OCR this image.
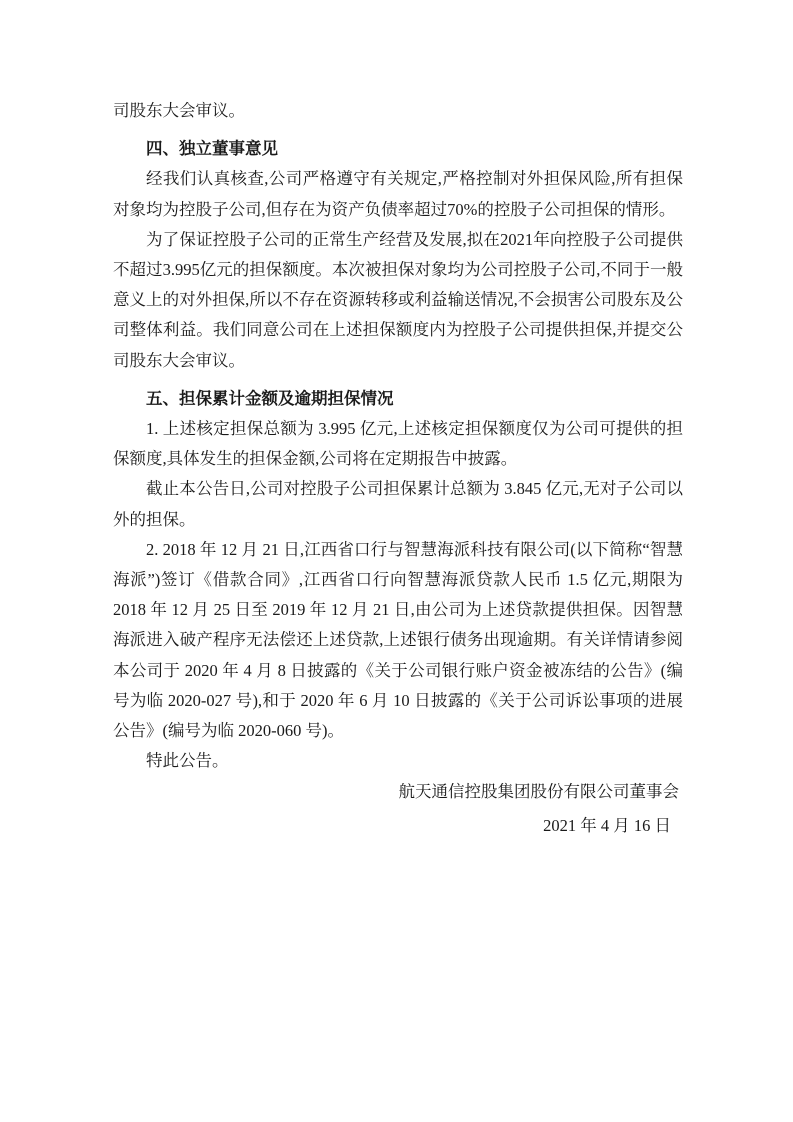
司股东大会审议。

四、独立董事意见

经我们认真核查,公司严格遵守有关规定,严格控制对外担保风险,所有担保对象均为控股子公司,但存在为资产负债率超过70%的控股子公司担保的情形。

为了保证控股子公司的正常生产经营及发展,拟在2021年向控股子公司提供不超过3.995亿元的担保额度。本次被担保对象均为公司控股子公司,不同于一般意义上的对外担保,所以不存在资源转移或利益输送情况,不会损害公司股东及公司整体利益。我们同意公司在上述担保额度内为控股子公司提供担保,并提交公司股东大会审议。

五、担保累计金额及逾期担保情况

1. 上述核定担保总额为 3.995 亿元,上述核定担保额度仅为公司可提供的担保额度,具体发生的担保金额,公司将在定期报告中披露。

截止本公告日,公司对控股子公司担保累计总额为 3.845 亿元,无对子公司以外的担保。

2. 2018 年 12 月 21 日,江西省口行与智慧海派科技有限公司(以下简称“智慧海派”)签订《借款合同》,江西省口行向智慧海派贷款人民币 1.5 亿元,期限为 2018 年 12 月 25 日至 2019 年 12 月 21 日,由公司为上述贷款提供担保。因智慧海派进入破产程序无法偿还上述贷款,上述银行债务出现逾期。有关详情请参阅本公司于 2020 年 4 月 8 日披露的《关于公司银行账户资金被冻结的公告》(编号为临 2020-027 号),和于 2020 年 6 月 10 日披露的《关于公司诉讼事项的进展公告》(编号为临 2020-060 号)。

特此公告。

航天通信控股集团股份有限公司董事会

2021 年 4 月 16 日
